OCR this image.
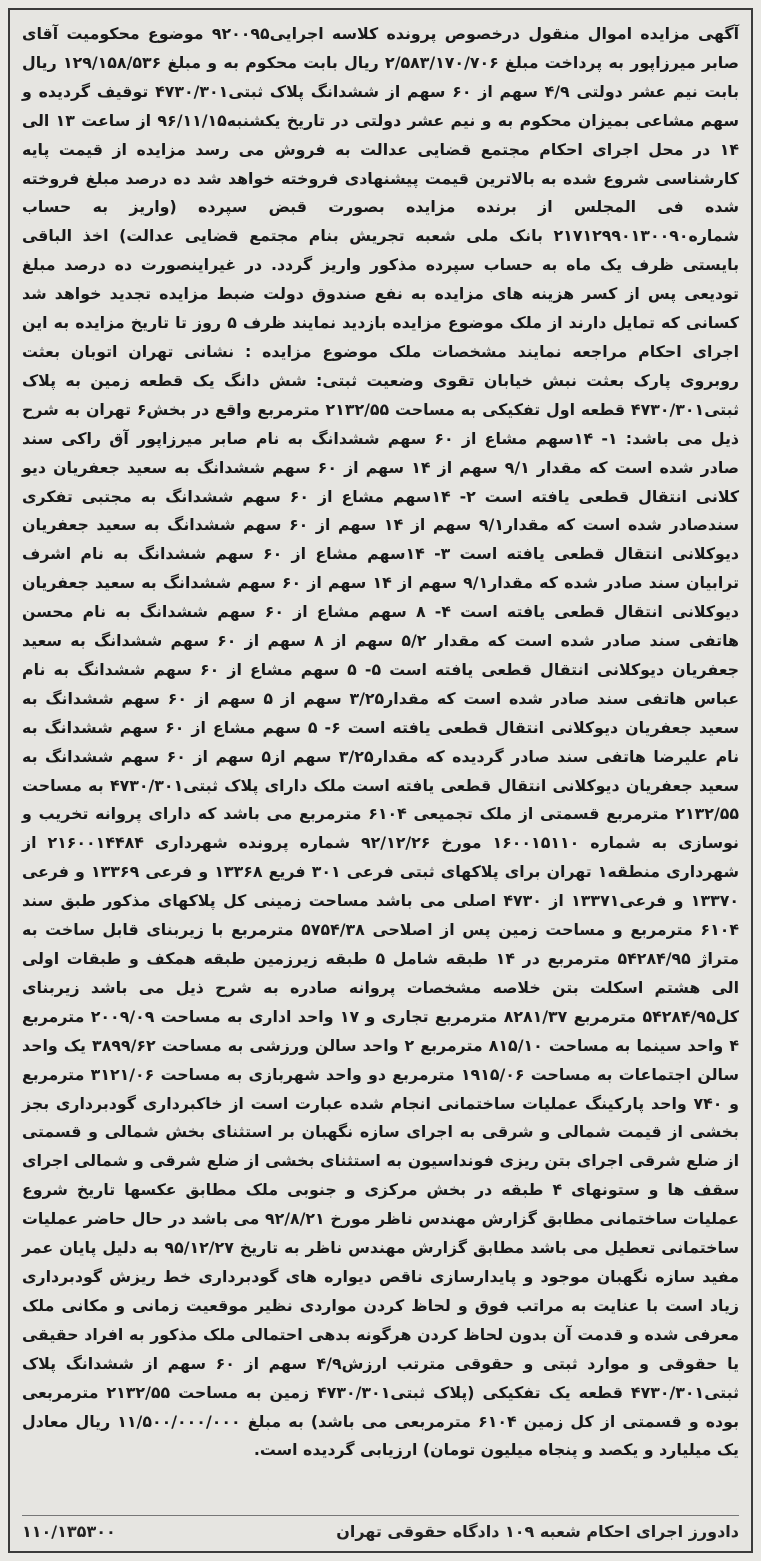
آگهی مزایده اموال منقول درخصوص پرونده کلاسه اجرایی۹۲۰۰۹۵ موضوع محکومیت آقای صابر میرزاپور به پرداخت مبلغ ۲/۵۸۳/۱۷۰/۷۰۶ ریال بابت محکوم به و مبلغ ۱۲۹/۱۵۸/۵۳۶ ریال بابت نیم عشر دولتی ۴/۹ سهم از ۶۰ سهم از ششدانگ پلاک ثبتی۴۷۳۰/۳۰۱ توقیف گردیده و سهم مشاعی بمیزان محکوم به و نیم عشر دولتی در تاریخ یکشنبه۹۶/۱۱/۱۵ از ساعت ۱۳ الی ۱۴ در محل اجرای احکام مجتمع قضایی عدالت به فروش می رسد مزایده از قیمت پایه کارشناسی شروع شده به بالاترین قیمت پیشنهادی فروخته خواهد شد ده درصد مبلغ فروخته شده فی المجلس از برنده مزایده بصورت قبض سپرده (واریز به حساب شماره۲۱۷۱۲۹۹۰۱۳۰۰۹۰ بانک ملی شعبه تجریش بنام مجتمع قضایی عدالت) اخذ الباقی بایستی ظرف یک ماه به حساب سپرده مذکور واریز گردد. در غیراینصورت ده درصد مبلغ تودیعی پس از کسر هزینه های مزایده به نفع صندوق دولت ضبط مزایده تجدید خواهد شد کسانی که تمایل دارند از ملک موضوع مزایده بازدید نمایند ظرف ۵ روز تا تاریخ مزایده به این اجرای احکام مراجعه نمایند مشخصات ملک موضوع مزایده : نشانی تهران اتوبان بعثت روبروی پارک بعثت نبش خیابان تقوی وضعیت ثبتی: شش دانگ یک قطعه زمین به پلاک ثبتی۴۷۳۰/۳۰۱ قطعه اول تفکیکی به مساحت ۲۱۳۲/۵۵ مترمربع واقع در بخش۶ تهران به شرح ذیل می باشد: ۱- ۱۴سهم مشاع از ۶۰ سهم ششدانگ به نام صابر میرزاپور آق راکی سند صادر شده است که مقدار ۹/۱ سهم از ۱۴ سهم از ۶۰ سهم ششدانگ به سعید جعفریان دیو کلانی انتقال قطعی یافته است ۲- ۱۴سهم مشاع از ۶۰ سهم ششدانگ به مجتبی تفکری سندصادر شده است که مقدار۹/۱ سهم از ۱۴ سهم از ۶۰ سهم ششدانگ به سعید جعفریان دیوکلانی انتقال قطعی یافته است ۳- ۱۴سهم مشاع از ۶۰ سهم ششدانگ به نام اشرف ترابیان سند صادر شده که مقدار۹/۱ سهم از ۱۴ سهم از ۶۰ سهم ششدانگ به سعید جعفریان دیوکلانی انتقال قطعی یافته است ۴- ۸ سهم مشاع از ۶۰ سهم ششدانگ به نام محسن هاتفی سند صادر شده است که مقدار ۵/۲ سهم از ۸ سهم از ۶۰ سهم ششدانگ به سعید جعفریان دیوکلانی انتقال قطعی یافته است ۵- ۵ سهم مشاع از ۶۰ سهم ششدانگ به نام عباس هاتفی سند صادر شده است که مقدار۳/۲۵ سهم از ۵ سهم از ۶۰ سهم ششدانگ به سعید جعفریان دیوکلانی انتقال قطعی یافته است ۶- ۵ سهم مشاع از ۶۰ سهم ششدانگ به نام علیرضا هاتفی سند صادر گردیده که مقدار۳/۲۵ سهم از۵ سهم از ۶۰ سهم ششدانگ به سعید جعفریان دیوکلانی انتقال قطعی یافته است ملک دارای پلاک ثبتی۴۷۳۰/۳۰۱ به مساحت ۲۱۳۲/۵۵ مترمربع قسمتی از ملک تجمیعی ۶۱۰۴ مترمربع می باشد که دارای پروانه تخریب و نوسازی به شماره ۱۶۰۰۱۵۱۱۰ مورخ ۹۲/۱۲/۲۶ شماره پرونده شهرداری ۲۱۶۰۰۱۴۴۸۴ از شهرداری منطقه۱ تهران برای پلاکهای ثبتی فرعی ۳۰۱ فریع ۱۳۳۶۸ و فرعی ۱۳۳۶۹ و فرعی ۱۳۳۷۰ و فرعی۱۳۳۷۱ از ۴۷۳۰ اصلی می باشد مساحت زمینی کل پلاکهای مذکور طبق سند ۶۱۰۴ مترمربع و مساحت زمین پس از اصلاحی ۵۷۵۴/۳۸ مترمربع با زیربنای قابل ساخت به متراژ ۵۴۲۸۴/۹۵ مترمربع در ۱۴ طبقه شامل ۵ طبقه زیرزمین طبقه همکف و طبقات اولی الی هشتم اسکلت بتن خلاصه مشخصات پروانه صادره به شرح ذیل می باشد زیربنای کل۵۴۲۸۴/۹۵ مترمربع ۸۲۸۱/۳۷ مترمربع تجاری و ۱۷ واحد اداری به مساحت ۲۰۰۹/۰۹ مترمربع ۴ واحد سینما به مساحت ۸۱۵/۱۰ مترمربع ۲ واحد سالن ورزشی به مساحت ۳۸۹۹/۶۲ یک واحد سالن اجتماعات به مساحت ۱۹۱۵/۰۶ مترمربع دو واحد شهربازی به مساحت ۳۱۲۱/۰۶ مترمربع و ۷۴۰ واحد پارکینگ عملیات ساختمانی انجام شده عبارت است از خاکبرداری گودبرداری بجز بخشی از قیمت شمالی و شرقی به اجرای سازه نگهبان بر استثنای بخش شمالی و قسمتی از ضلع شرقی اجرای بتن ریزی فونداسیون به استثنای بخشی از ضلع شرقی و شمالی اجرای سقف ها و ستونهای ۴ طبقه در بخش مرکزی و جنوبی ملک مطابق عکسها تاریخ شروع عملیات ساختمانی مطابق گزارش مهندس ناظر مورخ ۹۲/۸/۲۱ می باشد در حال حاضر عملیات ساختمانی تعطیل می باشد مطابق گزارش مهندس ناظر به تاریخ ۹۵/۱۲/۲۷ به دلیل پایان عمر مفید سازه نگهبان موجود و پایدارسازی ناقص دیواره های گودبرداری خط ریزش گودبرداری زیاد است با عنایت به مراتب فوق و لحاظ کردن مواردی نظیر موقعیت زمانی و مکانی ملک معرفی شده و قدمت آن بدون لحاظ کردن هرگونه بدهی احتمالی ملک مذکور به افراد حقیقی یا حقوقی و موارد ثبتی و حقوقی مترتب ارزش۴/۹ سهم از ۶۰ سهم از ششدانگ پلاک ثبتی۴۷۳۰/۳۰۱ قطعه یک تفکیکی (پلاک ثبتی۴۷۳۰/۳۰۱ زمین به مساحت ۲۱۳۲/۵۵ مترمربعی بوده و قسمتی از کل زمین ۶۱۰۴ مترمربعی می باشد) به مبلغ ۱۱/۵۰۰/۰۰۰/۰۰۰ ریال معادل یک میلیارد و یکصد و پنجاه میلیون تومان) ارزیابی گردیده است.

دادورز اجرای احکام شعبه ۱۰۹ دادگاه حقوقی تهران
۱۱۰/۱۳۵۳۰۰
